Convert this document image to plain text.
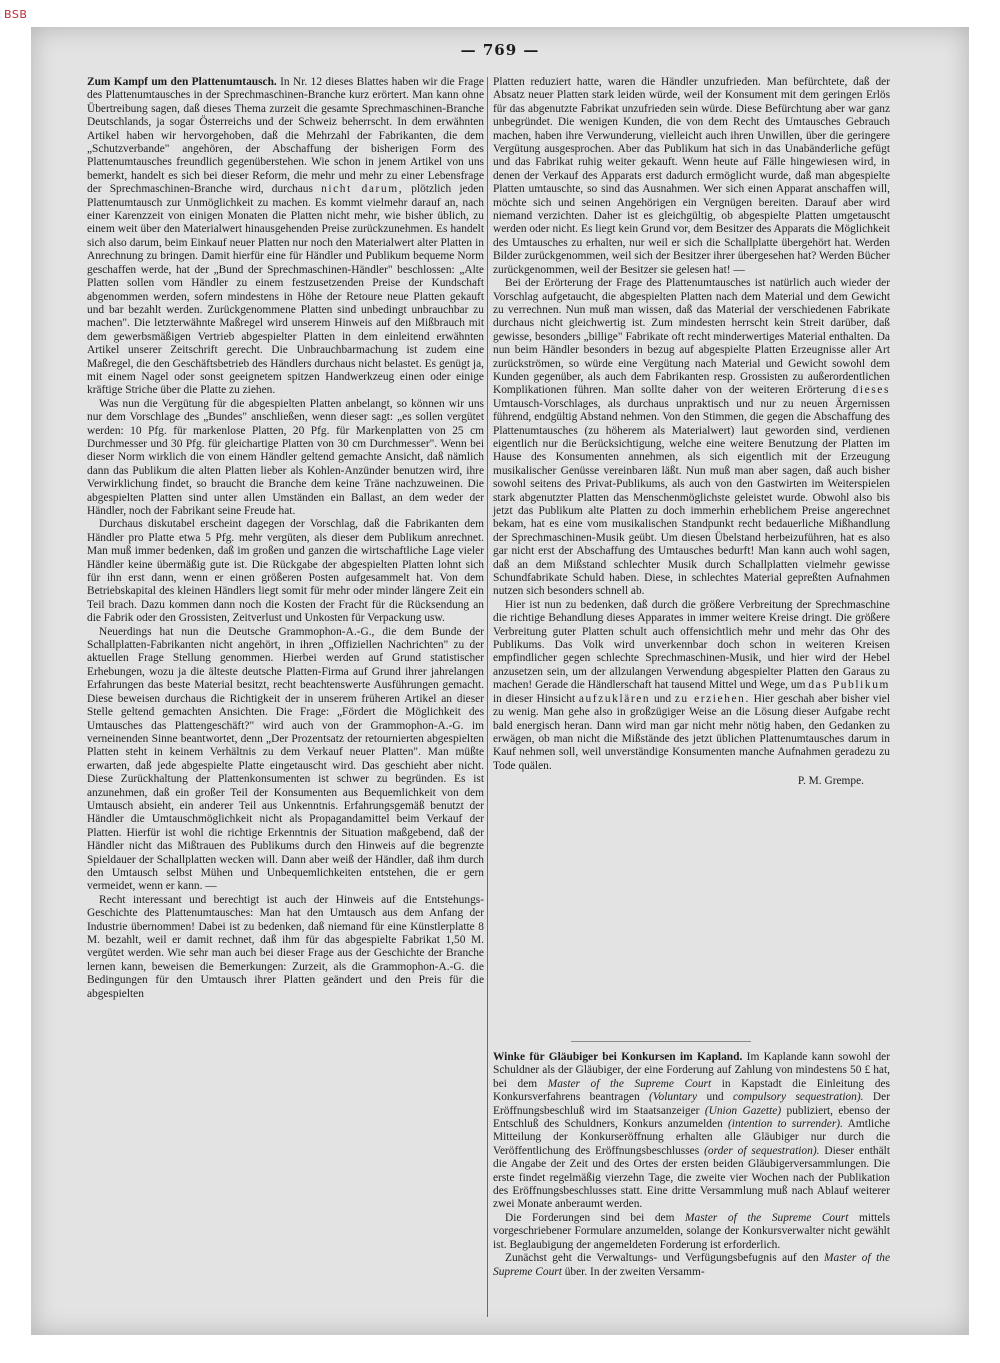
BSB
— 769 —

Zum Kampf um den Plattenumtausch. In Nr. 12 dieses Blattes haben wir die Frage des Plattenumtausches in der Sprechmaschinen-Branche kurz erörtert. Man kann ohne Übertreibung sagen, daß dieses Thema zurzeit die gesamte Sprechmaschinen-Branche Deutschlands, ja sogar Österreichs und der Schweiz beherrscht. In dem erwähnten Artikel haben wir hervorgehoben, daß die Mehrzahl der Fabrikanten, die dem „Schutzverbande" angehören, der Abschaffung der bisherigen Form des Plattenumtausches freundlich gegenüberstehen. Wie schon in jenem Artikel von uns bemerkt, handelt es sich bei dieser Reform, die mehr und mehr zu einer Lebensfrage der Sprechmaschinen-Branche wird, durchaus nicht darum, plötzlich jeden Plattenumtausch zur Unmöglichkeit zu machen. Es kommt vielmehr darauf an, nach einer Karenzzeit von einigen Monaten die Platten nicht mehr, wie bisher üblich, zu einem weit über den Materialwert hinausgehenden Preise zurückzunehmen. Es handelt sich also darum, beim Einkauf neuer Platten nur noch den Materialwert alter Platten in Anrechnung zu bringen. Damit hierfür eine für Händler und Publikum bequeme Norm geschaffen werde, hat der „Bund der Sprechmaschinen-Händler" beschlossen: „Alte Platten sollen vom Händler zu einem festzusetzenden Preise der Kundschaft abgenommen werden, sofern mindestens in Höhe der Retoure neue Platten gekauft und bar bezahlt werden. Zurückgenommene Platten sind unbedingt unbrauchbar zu machen". Die letzterwähnte Maßregel wird unserem Hinweis auf den Mißbrauch mit dem gewerbsmäßigen Vertrieb abgespielter Platten in dem einleitend erwähnten Artikel unserer Zeitschrift gerecht. Die Unbrauchbarmachung ist zudem eine Maßregel, die den Geschäftsbetrieb des Händlers durchaus nicht belastet. Es genügt ja, mit einem Nagel oder sonst geeignetem spitzen Handwerkzeug einen oder einige kräftige Striche über die Platte zu ziehen.

Was nun die Vergütung für die abgespielten Platten anbelangt, so können wir uns nur dem Vorschlage des „Bundes" anschließen, wenn dieser sagt: „es sollen vergütet werden: 10 Pfg. für markenlose Platten, 20 Pfg. für Markenplatten von 25 cm Durchmesser und 30 Pfg. für gleichartige Platten von 30 cm Durchmesser". Wenn bei dieser Norm wirklich die von einem Händler geltend gemachte Ansicht, daß nämlich dann das Publikum die alten Platten lieber als Kohlen-Anzünder benutzen wird, ihre Verwirklichung findet, so braucht die Branche dem keine Träne nachzuweinen. Die abgespielten Platten sind unter allen Umständen ein Ballast, an dem weder der Händler, noch der Fabrikant seine Freude hat.

Durchaus diskutabel erscheint dagegen der Vorschlag, daß die Fabrikanten dem Händler pro Platte etwa 5 Pfg. mehr vergüten, als dieser dem Publikum anrechnet. Man muß immer bedenken, daß im großen und ganzen die wirtschaftliche Lage vieler Händler keine übermäßig gute ist. Die Rückgabe der abgespielten Platten lohnt sich für ihn erst dann, wenn er einen größeren Posten aufgesammelt hat. Von dem Betriebskapital des kleinen Händlers liegt somit für mehr oder minder längere Zeit ein Teil brach. Dazu kommen dann noch die Kosten der Fracht für die Rücksendung an die Fabrik oder den Grossisten, Zeitverlust und Unkosten für Verpackung usw.

Neuerdings hat nun die Deutsche Grammophon-A.-G., die dem Bunde der Schallplatten-Fabrikanten nicht angehört, in ihren „Offiziellen Nachrichten" zu der aktuellen Frage Stellung genommen. Hierbei werden auf Grund statistischer Erhebungen, wozu ja die älteste deutsche Platten-Firma auf Grund ihrer jahrelangen Erfahrungen das beste Material besitzt, recht beachtenswerte Ausführungen gemacht. Diese beweisen durchaus die Richtigkeit der in unserem früheren Artikel an dieser Stelle geltend gemachten Ansichten. Die Frage: „Fördert die Möglichkeit des Umtausches das Plattengeschäft?" wird auch von der Grammophon-A.-G. im verneinenden Sinne beantwortet, denn „Der Prozentsatz der retournierten abgespielten Platten steht in keinem Verhältnis zu dem Verkauf neuer Platten". Man müßte erwarten, daß jede abgespielte Platte eingetauscht wird. Das geschieht aber nicht. Diese Zurückhaltung der Plattenkonsumenten ist schwer zu begründen. Es ist anzunehmen, daß ein großer Teil der Konsumenten aus Bequemlichkeit von dem Umtausch absieht, ein anderer Teil aus Unkenntnis. Erfahrungsgemäß benutzt der Händler die Umtauschmöglichkeit nicht als Propagandamittel beim Verkauf der Platten. Hierfür ist wohl die richtige Erkenntnis der Situation maßgebend, daß der Händler nicht das Mißtrauen des Publikums durch den Hinweis auf die begrenzte Spieldauer der Schallplatten wecken will. Dann aber weiß der Händler, daß ihm durch den Umtausch selbst Mühen und Unbequemlichkeiten entstehen, die er gern vermeidet, wenn er kann. —

Recht interessant und berechtigt ist auch der Hinweis auf die Entstehungs-Geschichte des Plattenumtausches: Man hat den Umtausch aus dem Anfang der Industrie übernommen! Dabei ist zu bedenken, daß niemand für eine Künstlerplatte 8 M. bezahlt, weil er damit rechnet, daß ihm für das abgespielte Fabrikat 1,50 M. vergütet werden. Wie sehr man auch bei dieser Frage aus der Geschichte der Branche lernen kann, beweisen die Bemerkungen: Zurzeit, als die Grammophon-A.-G. die Bedingungen für den Umtausch ihrer Platten geändert und den Preis für die abgespielten

Platten reduziert hatte, waren die Händler unzufrieden. Man befürchtete, daß der Absatz neuer Platten stark leiden würde, weil der Konsument mit dem geringen Erlös für das abgenutzte Fabrikat unzufrieden sein würde. Diese Befürchtung aber war ganz unbegründet. Die wenigen Kunden, die von dem Recht des Umtausches Gebrauch machen, haben ihre Verwunderung, vielleicht auch ihren Unwillen, über die geringere Vergütung ausgesprochen. Aber das Publikum hat sich in das Unabänderliche gefügt und das Fabrikat ruhig weiter gekauft. Wenn heute auf Fälle hingewiesen wird, in denen der Verkauf des Apparats erst dadurch ermöglicht wurde, daß man abgespielte Platten umtauschte, so sind das Ausnahmen. Wer sich einen Apparat anschaffen will, möchte sich und seinen Angehörigen ein Vergnügen bereiten. Darauf aber wird niemand verzichten. Daher ist es gleichgültig, ob abgespielte Platten umgetauscht werden oder nicht. Es liegt kein Grund vor, dem Besitzer des Apparats die Möglichkeit des Umtausches zu erhalten, nur weil er sich die Schallplatte übergehört hat. Werden Bilder zurückgenommen, weil sich der Besitzer ihrer übergesehen hat? Werden Bücher zurückgenommen, weil der Besitzer sie gelesen hat! —

Bei der Erörterung der Frage des Plattenumtausches ist natürlich auch wieder der Vorschlag aufgetaucht, die abgespielten Platten nach dem Material und dem Gewicht zu verrechnen. Nun muß man wissen, daß das Material der verschiedenen Fabrikate durchaus nicht gleichwertig ist. Zum mindesten herrscht kein Streit darüber, daß gewisse, besonders „billige" Fabrikate oft recht minderwertiges Material enthalten. Da nun beim Händler besonders in bezug auf abgespielte Platten Erzeugnisse aller Art zurückströmen, so würde eine Vergütung nach Material und Gewicht sowohl dem Kunden gegenüber, als auch dem Fabrikanten resp. Grossisten zu außerordentlichen Komplikationen führen. Man sollte daher von der weiteren Erörterung dieses Umtausch-Vorschlages, als durchaus unpraktisch und nur zu neuen Ärgernissen führend, endgültig Abstand nehmen. Von den Stimmen, die gegen die Abschaffung des Plattenumtausches (zu höherem als Materialwert) laut geworden sind, verdienen eigentlich nur die Berücksichtigung, welche eine weitere Benutzung der Platten im Hause des Konsumenten annehmen, als sich eigentlich mit der Erzeugung musikalischer Genüsse vereinbaren läßt. Nun muß man aber sagen, daß auch bisher sowohl seitens des Privat-Publikums, als auch von den Gastwirten im Weiterspielen stark abgenutzter Platten das Menschenmöglichste geleistet wurde. Obwohl also bis jetzt das Publikum alte Platten zu doch immerhin erheblichem Preise angerechnet bekam, hat es eine vom musikalischen Standpunkt recht bedauerliche Mißhandlung der Sprechmaschinen-Musik geübt. Um diesen Übelstand herbeizuführen, hat es also gar nicht erst der Abschaffung des Umtausches bedurft! Man kann auch wohl sagen, daß an dem Mißstand schlechter Musik durch Schallplatten vielmehr gewisse Schundfabrikate Schuld haben. Diese, in schlechtes Material gepreßten Aufnahmen nutzen sich besonders schnell ab.

Hier ist nun zu bedenken, daß durch die größere Verbreitung der Sprechmaschine die richtige Behandlung dieses Apparates in immer weitere Kreise dringt. Die größere Verbreitung guter Platten schult auch offensichtlich mehr und mehr das Ohr des Publikums. Das Volk wird unverkennbar doch schon in weiteren Kreisen empfindlicher gegen schlechte Sprechmaschinen-Musik, und hier wird der Hebel anzusetzen sein, um der allzulangen Verwendung abgespielter Platten den Garaus zu machen! Gerade die Händlerschaft hat tausend Mittel und Wege, um das Publikum in dieser Hinsicht aufzuklären und zu erziehen. Hier geschah aber bisher viel zu wenig. Man gehe also in großzügiger Weise an die Lösung dieser Aufgabe recht bald energisch heran. Dann wird man gar nicht mehr nötig haben, den Gedanken zu erwägen, ob man nicht die Mißstände des jetzt üblichen Plattenumtausches darum in Kauf nehmen soll, weil unverständige Konsumenten manche Aufnahmen geradezu zu Tode quälen.

P. M. Grempe.

Winke für Gläubiger bei Konkursen im Kapland. Im Kaplande kann sowohl der Schuldner als der Gläubiger, der eine Forderung auf Zahlung von mindestens 50 £ hat, bei dem Master of the Supreme Court in Kapstadt die Einleitung des Konkursverfahrens beantragen (Voluntary und compulsory sequestration). Der Eröffnungsbeschluß wird im Staatsanzeiger (Union Gazette) publiziert, ebenso der Entschluß des Schuldners, Konkurs anzumelden (intention to surrender). Amtliche Mitteilung der Konkurseröffnung erhalten alle Gläubiger nur durch die Veröffentlichung des Eröffnungsbeschlusses (order of sequestration). Dieser enthält die Angabe der Zeit und des Ortes der ersten beiden Gläubigerversammlungen. Die erste findet regelmäßig vierzehn Tage, die zweite vier Wochen nach der Publikation des Eröffnungsbeschlusses statt. Eine dritte Versammlung muß nach Ablauf weiterer zwei Monate anberaumt werden.

Die Forderungen sind bei dem Master of the Supreme Court mittels vorgeschriebener Formulare anzumelden, solange der Konkursverwalter nicht gewählt ist. Beglaubigung der angemeldeten Forderung ist erforderlich.

Zunächst geht die Verwaltungs- und Verfügungsbefugnis auf den Master of the Supreme Court über. In der zweiten Versamm-
